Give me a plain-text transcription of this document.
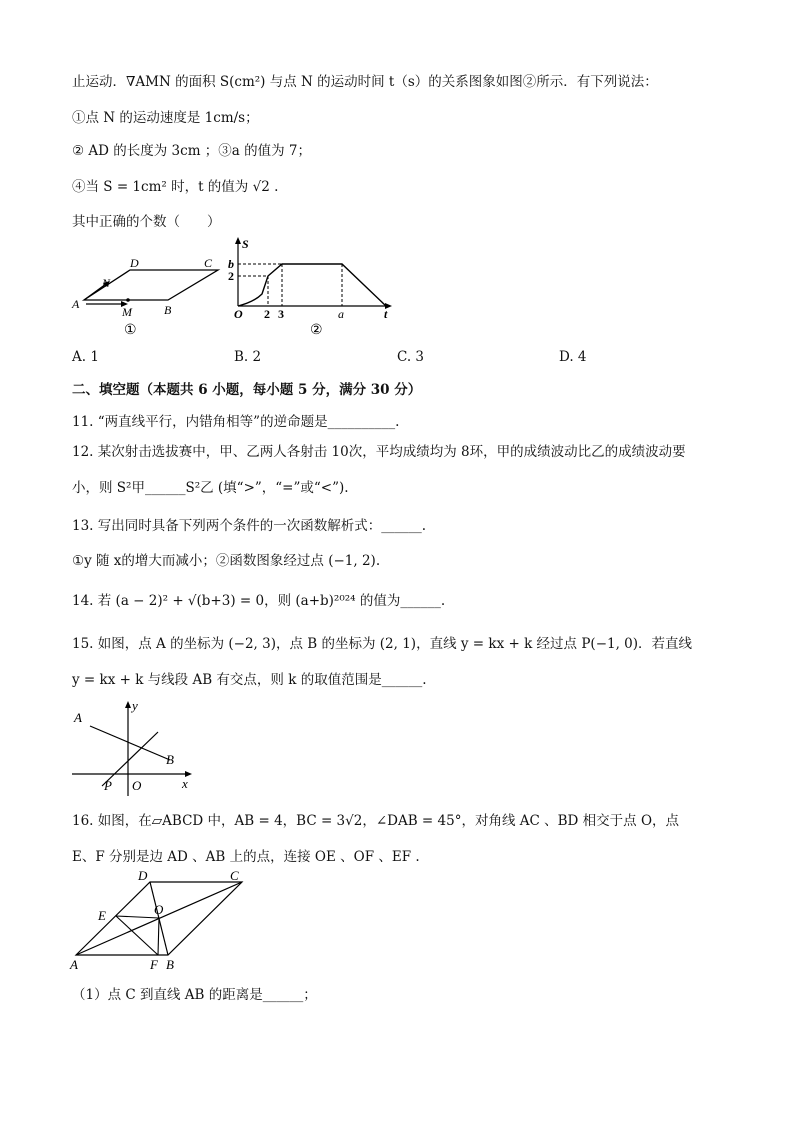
止运动．∇AMN 的面积 S(cm²) 与点 N 的运动时间 t（s）的关系图象如图②所示．有下列说法：
①点 N 的运动速度是 1cm/s；
② AD 的长度为 3cm ；③a 的值为 7；
④当 S = 1cm² 时，t 的值为 √2 .
其中正确的个数（　　）
N
A
D	C
M	B
①
S
b
2
O 2 3	a	t
②
A. 1	B. 2	C. 3	D. 4
二、填空题（本题共 6 小题，每小题 5 分，满分 30 分）
11. “两直线平行，内错角相等”的逆命题是__________.
12. 某次射击选拔赛中，甲、乙两人各射击 10次，平均成绩均为 8环，甲的成绩波动比乙的成绩波动要
小，则 S²甲______S²乙 (填“>”，“=”或“<”).
13. 写出同时具备下列两个条件的一次函数解析式：______.
①y 随 x的增大而减小；②函数图象经过点 (−1, 2).
14. 若 (a − 2)² + √(b+3) = 0，则 (a+b)²⁰²⁴ 的值为______.
15. 如图，点 A 的坐标为 (−2, 3)，点 B 的坐标为 (2, 1)，直线 y = kx + k 经过点 P(−1, 0)．若直线
y = kx + k 与线段 AB 有交点，则 k 的取值范围是______.
A
y
B
P O	x
16. 如图，在▱ABCD 中，AB = 4，BC = 3√2，∠DAB = 45°，对角线 AC 、BD 相交于点 O，点
E、F 分别是边 AD 、AB 上的点，连接 OE 、OF 、EF .
D	C
E	O
A	F B
（1）点 C 到直线 AB 的距离是______；
